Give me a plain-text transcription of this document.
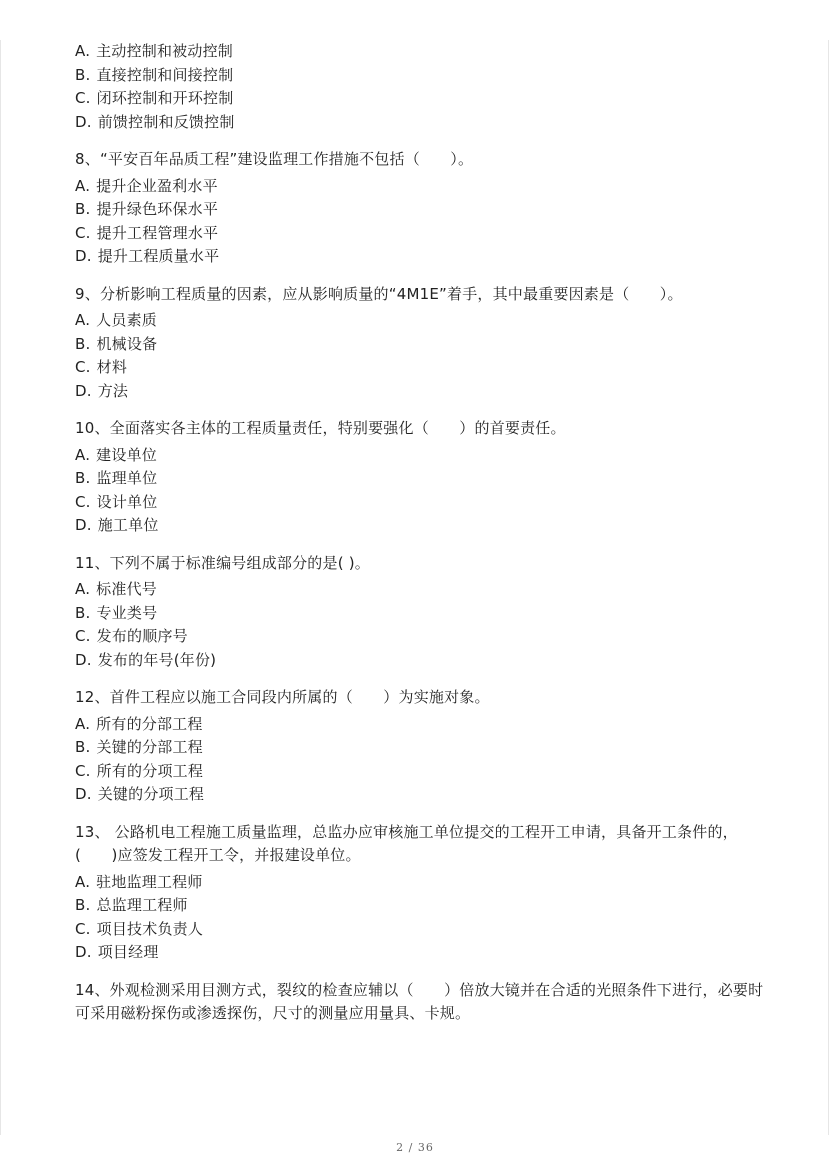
A. 主动控制和被动控制

B. 直接控制和间接控制

C. 闭环控制和开环控制

D. 前馈控制和反馈控制

8、“平安百年品质工程”建设监理工作措施不包括（　　）。

A. 提升企业盈利水平

B. 提升绿色环保水平

C. 提升工程管理水平

D. 提升工程质量水平

9、分析影响工程质量的因素，应从影响质量的“4M1E”着手，其中最重要因素是（　　）。

A. 人员素质

B. 机械设备

C. 材料

D. 方法

10、全面落实各主体的工程质量责任，特别要强化（　　）的首要责任。

A. 建设单位

B. 监理单位

C. 设计单位

D. 施工单位

11、下列不属于标准编号组成部分的是( )。

A. 标准代号

B. 专业类号

C. 发布的顺序号

D. 发布的年号(年份)

12、首件工程应以施工合同段内所属的（　　）为实施对象。

A. 所有的分部工程

B. 关键的分部工程

C. 所有的分项工程

D. 关键的分项工程

13、 公路机电工程施工质量监理，总监办应审核施工单位提交的工程开工申请，具备开工条件的，(　　)应签发工程开工令，并报建设单位。

A. 驻地监理工程师

B. 总监理工程师

C. 项目技术负责人

D. 项目经理

14、外观检测采用目测方式，裂纹的检查应辅以（　　）倍放大镜并在合适的光照条件下进行，必要时可采用磁粉探伤或渗透探伤，尺寸的测量应用量具、卡规。

2 / 36
